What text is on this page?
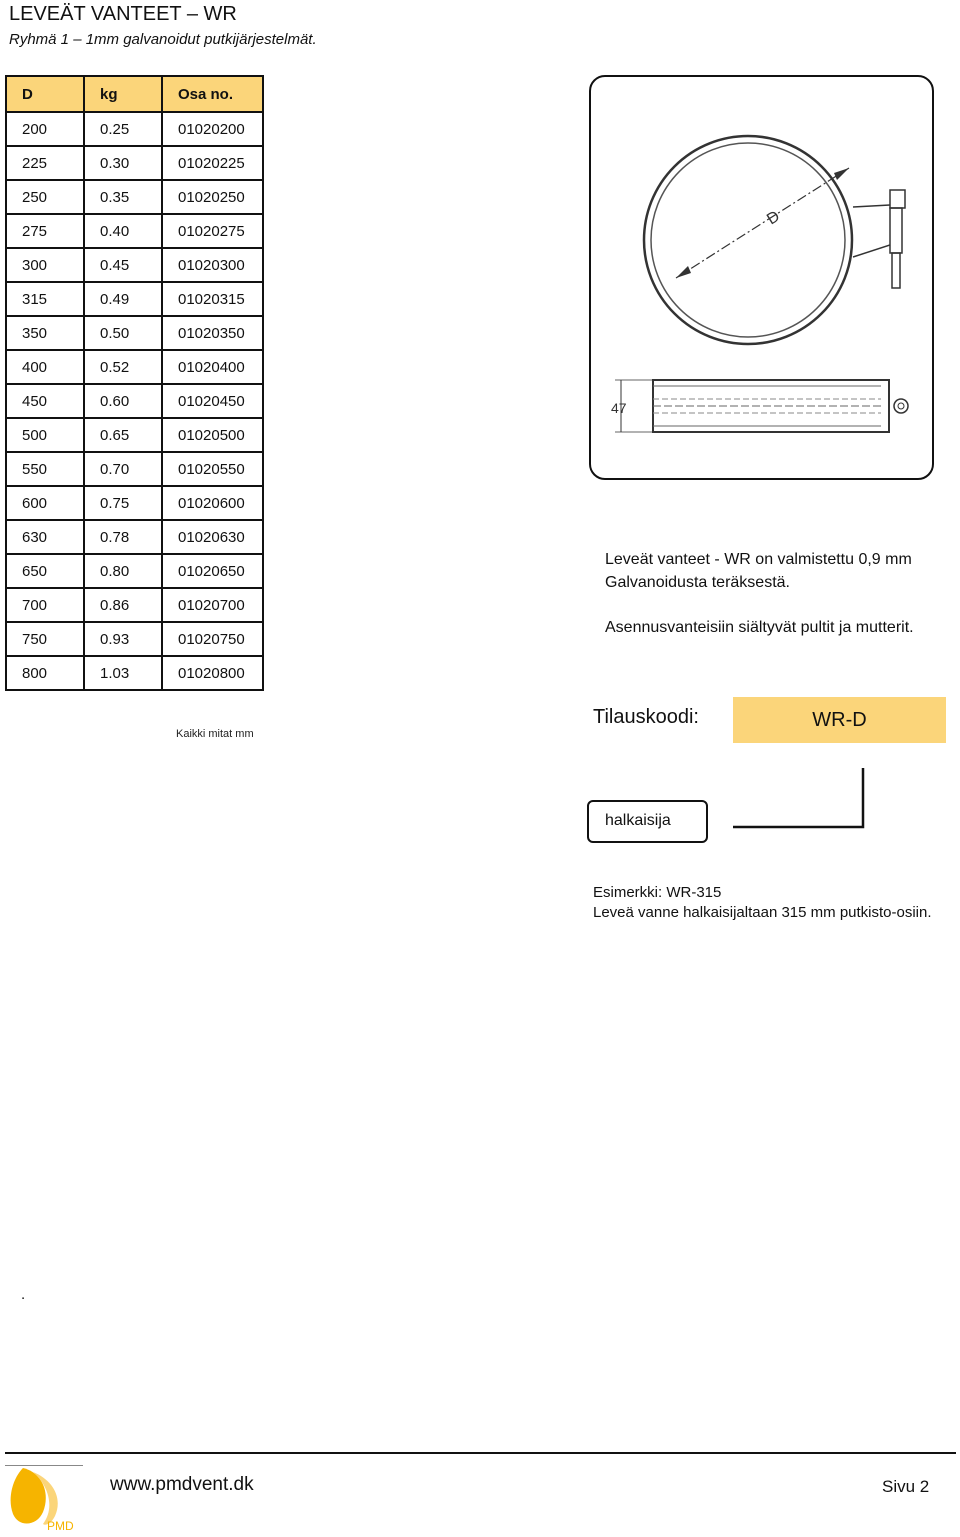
LEVEÄT VANTEET – WR
Ryhmä 1 – 1mm galvanoidut putkijärjestelmät.
D	kg	Osa no.
200	0.25	01020200
225	0.30	01020225
250	0.35	01020250
275	0.40	01020275
300	0.45	01020300
315	0.49	01020315
350	0.50	01020350
400	0.52	01020400
450	0.60	01020450
500	0.65	01020500
550	0.70	01020550
600	0.75	01020600
630	0.78	01020630
650	0.80	01020650
700	0.86	01020700
750	0.93	01020750
800	1.03	01020800
Kaikki mitat mm
D
47
Leveät vanteet - WR on valmistettu 0,9 mm
Galvanoidusta teräksestä.
Asennusvanteisiin siältyvät pultit ja mutterit.
Tilauskoodi:	WR-D
halkaisija
Esimerkki: WR-315
Leveä vanne halkaisijaltaan 315 mm putkisto-osiin.
.
PMD
www.pmdvent.dk	Sivu 2
